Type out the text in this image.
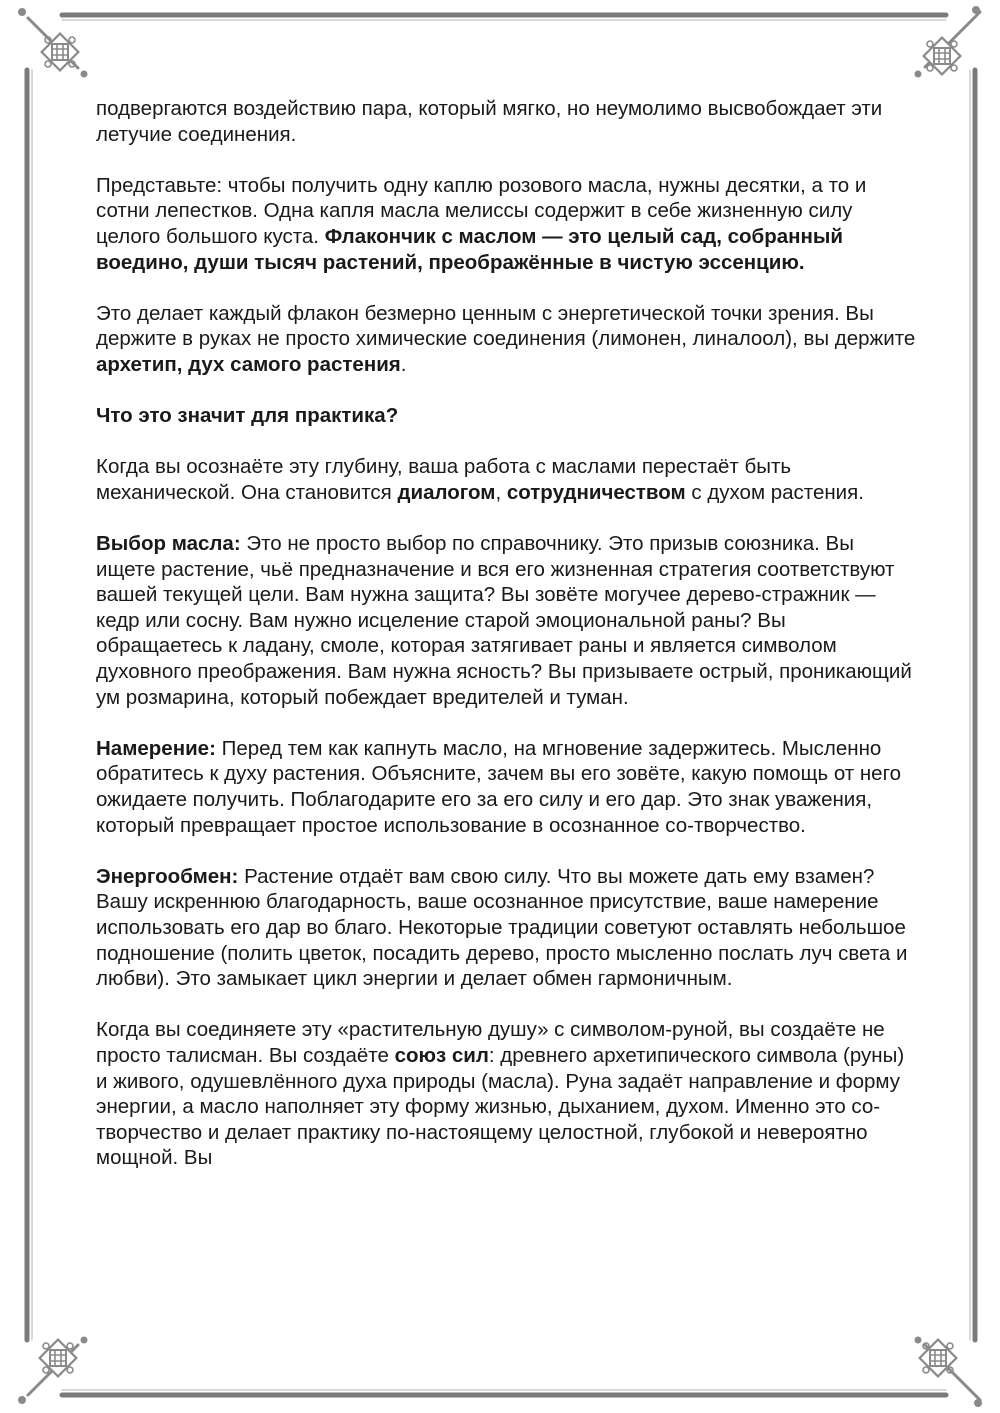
подвергаются воздействию пара, который мягко, но неумолимо высвобождает эти летучие соединения.

Представьте: чтобы получить одну каплю розового масла, нужны десятки, а то и сотни лепестков. Одна капля масла мелиссы содержит в себе жизненную силу целого большого куста. Флакончик с маслом — это целый сад, собранный воедино, души тысяч растений, преображённые в чистую эссенцию.

Это делает каждый флакон безмерно ценным с энергетической точки зрения. Вы держите в руках не просто химические соединения (лимонен, линалоол), вы держите архетип, дух самого растения.

Что это значит для практика?

Когда вы осознаёте эту глубину, ваша работа с маслами перестаёт быть механической. Она становится диалогом, сотрудничеством с духом растения.

Выбор масла: Это не просто выбор по справочнику. Это призыв союзника. Вы ищете растение, чьё предназначение и вся его жизненная стратегия соответствуют вашей текущей цели. Вам нужна защита? Вы зовёте могучее дерево-стражник — кедр или сосну. Вам нужно исцеление старой эмоциональной раны? Вы обращаетесь к ладану, смоле, которая затягивает раны и является символом духовного преображения. Вам нужна ясность? Вы призываете острый, проникающий ум розмарина, который побеждает вредителей и туман.

Намерение: Перед тем как капнуть масло, на мгновение задержитесь. Мысленно обратитесь к духу растения. Объясните, зачем вы его зовёте, какую помощь от него ожидаете получить. Поблагодарите его за его силу и его дар. Это знак уважения, который превращает простое использование в осознанное со-творчество.

Энергообмен: Растение отдаёт вам свою силу. Что вы можете дать ему взамен? Вашу искреннюю благодарность, ваше осознанное присутствие, ваше намерение использовать его дар во благо. Некоторые традиции советуют оставлять небольшое подношение (полить цветок, посадить дерево, просто мысленно послать луч света и любви). Это замыкает цикл энергии и делает обмен гармоничным.

Когда вы соединяете эту «растительную душу» с символом-руной, вы создаёте не просто талисман. Вы создаёте союз сил: древнего архетипического символа (руны) и живого, одушевлённого духа природы (масла). Руна задаёт направление и форму энергии, а масло наполняет эту форму жизнью, дыханием, духом. Именно это со-творчество и делает практику по-настоящему целостной, глубокой и невероятно мощной. Вы
